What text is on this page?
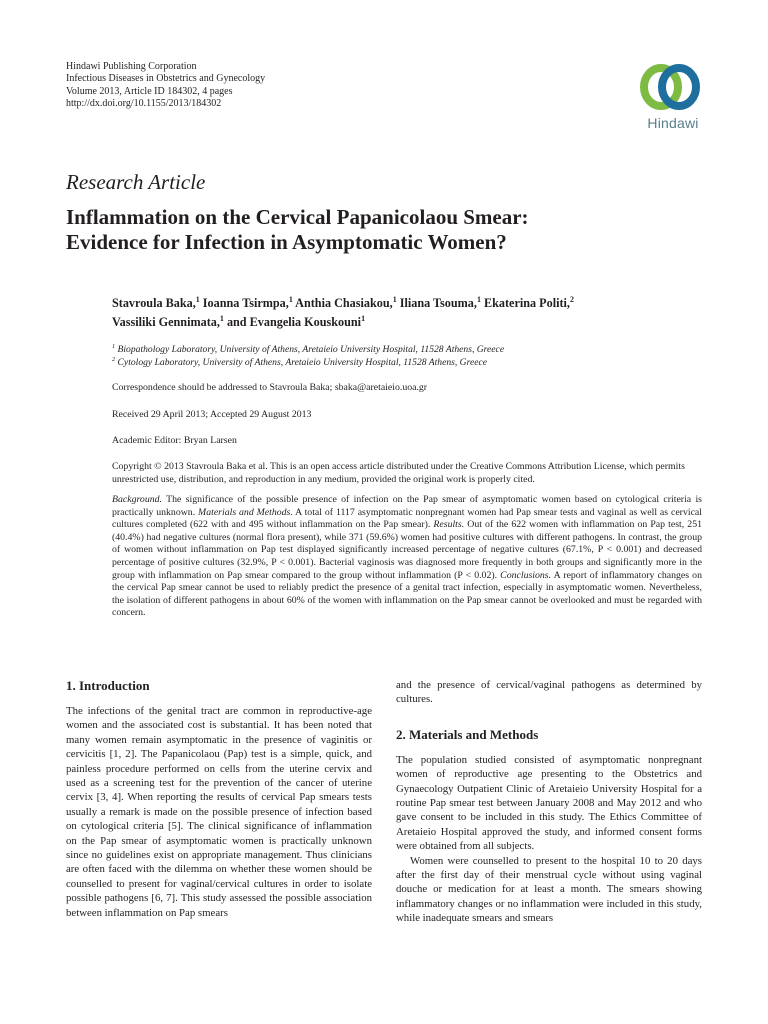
Hindawi Publishing Corporation
Infectious Diseases in Obstetrics and Gynecology
Volume 2013, Article ID 184302, 4 pages
http://dx.doi.org/10.1155/2013/184302
Hindawi
Research Article
Inflammation on the Cervical Papanicolaou Smear:
Evidence for Infection in Asymptomatic Women?
Stavroula Baka,$^1$ Ioanna Tsirmpa,$^1$ Anthia Chasiakou,$^1$ Iliana Tsouma,$^1$ Ekaterina Politi,$^2$
Vassiliki Gennimata,$^1$ and Evangelia Kouskouni$^1$
$^1$ Biopathology Laboratory, University of Athens, Aretaieio University Hospital, 11528 Athens, Greece
$^2$ Cytology Laboratory, University of Athens, Aretaieio University Hospital, 11528 Athens, Greece
Correspondence should be addressed to Stavroula Baka; sbaka@aretaieio.uoa.gr
Received 29 April 2013; Accepted 29 August 2013
Academic Editor: Bryan Larsen
Copyright © 2013 Stavroula Baka et al. This is an open access article distributed under the Creative Commons Attribution License, which permits unrestricted use, distribution, and reproduction in any medium, provided the original work is properly cited.

Background. The significance of the possible presence of infection on the Pap smear of asymptomatic women based on cytological criteria is practically unknown. Materials and Methods. A total of 1117 asymptomatic nonpregnant women had Pap smear tests and vaginal as well as cervical cultures completed (622 with and 495 without inflammation on the Pap smear). Results. Out of the 622 women with inflammation on Pap test, 251 (40.4%) had negative cultures (normal flora present), while 371 (59.6%) women had positive cultures with different pathogens. In contrast, the group of women without inflammation on Pap test displayed significantly increased percentage of negative cultures (67.1%, P < 0.001) and decreased percentage of positive cultures (32.9%, P < 0.001). Bacterial vaginosis was diagnosed more frequently in both groups and significantly more in the group with inflammation on Pap smear compared to the group without inflammation (P < 0.02). Conclusions. A report of inflammatory changes on the cervical Pap smear cannot be used to reliably predict the presence of a genital tract infection, especially in asymptomatic women. Nevertheless, the isolation of different pathogens in about 60% of the women with inflammation on the Pap smear cannot be overlooked and must be regarded with concern.

1. Introduction

The infections of the genital tract are common in reproductive-age women and the associated cost is substantial. It has been noted that many women remain asymptomatic in the presence of vaginitis or cervicitis [1, 2]. The Papanicolaou (Pap) test is a simple, quick, and painless procedure performed on cells from the uterine cervix and used as a screening test for the prevention of the cancer of uterine cervix [3, 4]. When reporting the results of cervical Pap smears tests usually a remark is made on the possible presence of infection based on cytological criteria [5]. The clinical significance of inflammation on the Pap smear of asymptomatic women is practically unknown since no guidelines exist on appropriate management. Thus clinicians are often faced with the dilemma on whether these women should be counselled to present for vaginal/cervical cultures in order to isolate possible pathogens [6, 7]. This study assessed the possible association between inflammation on Pap smears

and the presence of cervical/vaginal pathogens as determined by cultures.

2. Materials and Methods

The population studied consisted of asymptomatic nonpregnant women of reproductive age presenting to the Obstetrics and Gynaecology Outpatient Clinic of Aretaieio University Hospital for a routine Pap smear test between January 2008 and May 2012 and who gave consent to be included in this study. The Ethics Committee of Aretaieio Hospital approved the study, and informed consent forms were obtained from all subjects.

Women were counselled to present to the hospital 10 to 20 days after the first day of their menstrual cycle without using vaginal douche or medication for at least a month. The smears showing inflammatory changes or no inflammation were included in this study, while inadequate smears and smears
